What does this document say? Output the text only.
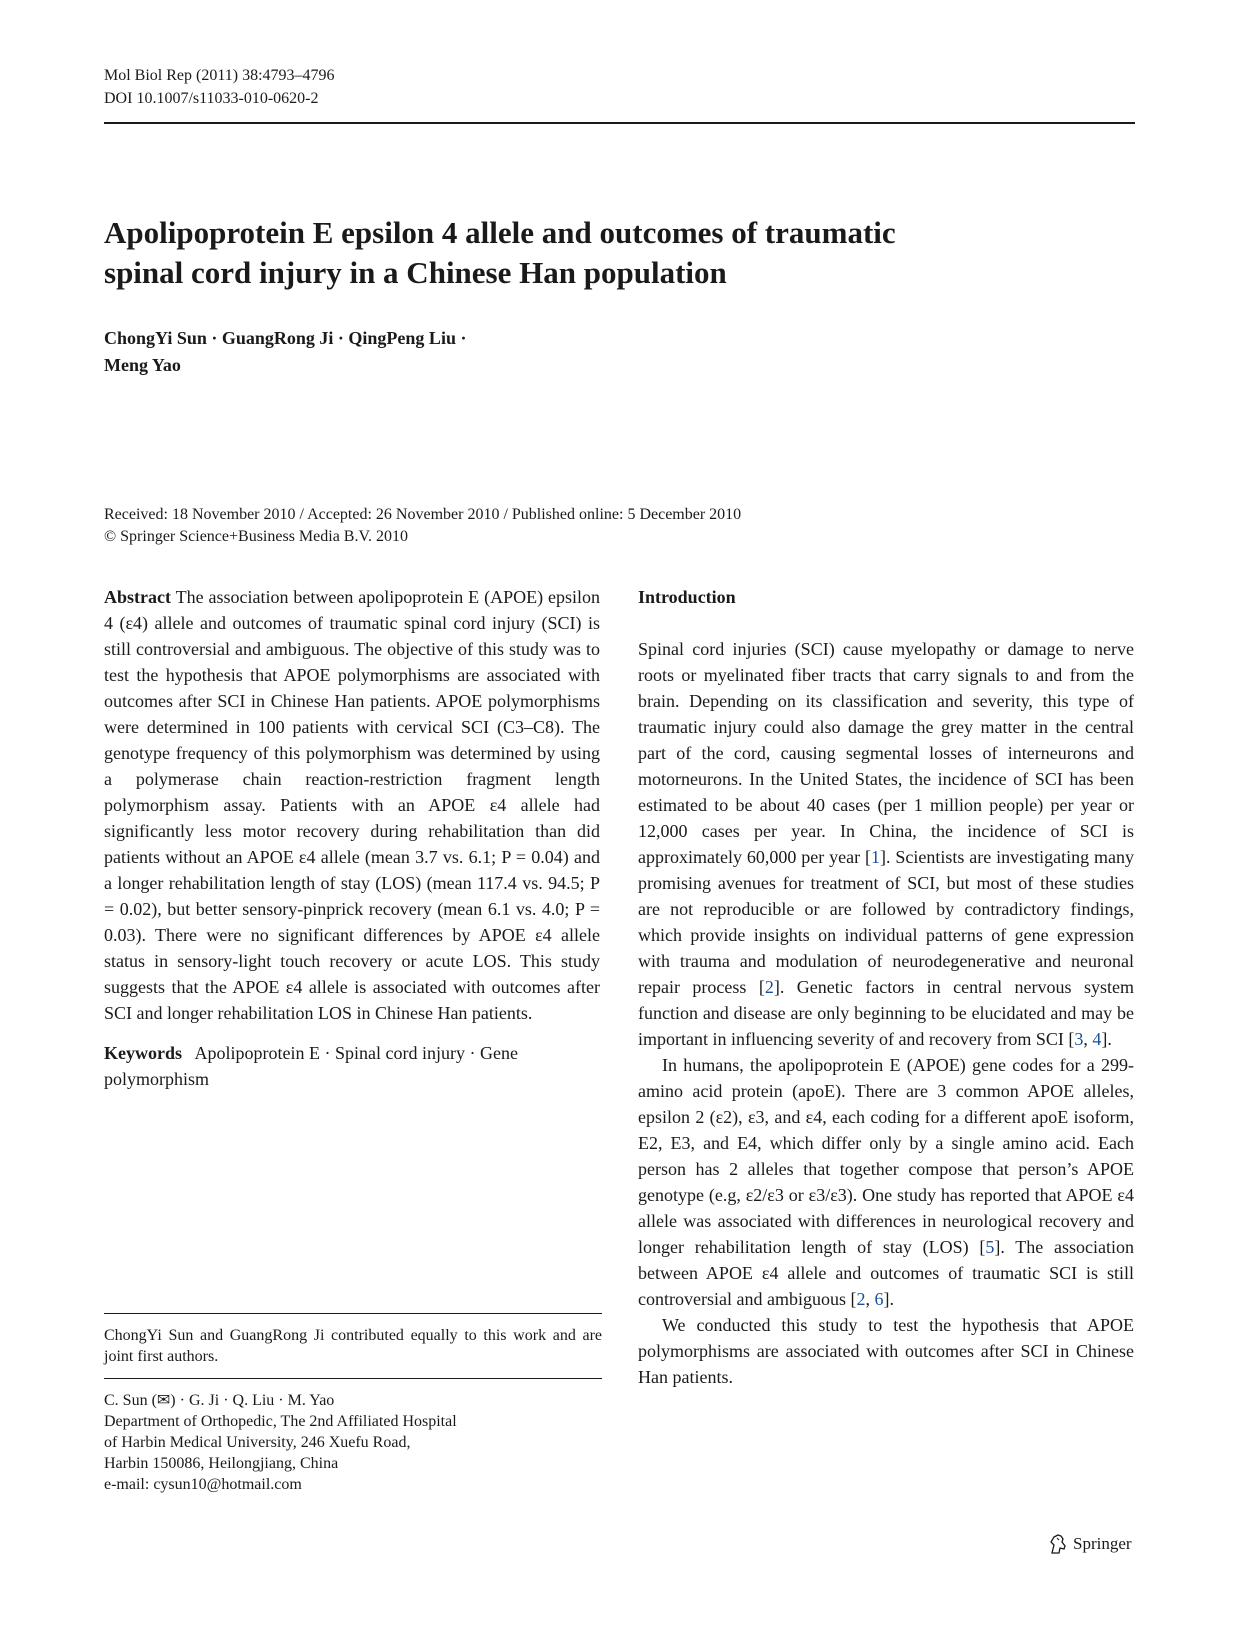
Mol Biol Rep (2011) 38:4793–4796
DOI 10.1007/s11033-010-0620-2
Apolipoprotein E epsilon 4 allele and outcomes of traumatic
spinal cord injury in a Chinese Han population
ChongYi Sun · GuangRong Ji · QingPeng Liu ·
Meng Yao
Received: 18 November 2010 / Accepted: 26 November 2010 / Published online: 5 December 2010
© Springer Science+Business Media B.V. 2010

Abstract The association between apolipoprotein E (APOE) epsilon 4 (ε4) allele and outcomes of traumatic spinal cord injury (SCI) is still controversial and ambiguous. The objective of this study was to test the hypothesis that APOE polymorphisms are associated with outcomes after SCI in Chinese Han patients. APOE polymorphisms were determined in 100 patients with cervical SCI (C3–C8). The genotype frequency of this polymorphism was determined by using a polymerase chain reaction-restriction fragment length polymorphism assay. Patients with an APOE ε4 allele had significantly less motor recovery during rehabilitation than did patients without an APOE ε4 allele (mean 3.7 vs. 6.1; P = 0.04) and a longer rehabilitation length of stay (LOS) (mean 117.4 vs. 94.5; P = 0.02), but better sensory-pinprick recovery (mean 6.1 vs. 4.0; P = 0.03). There were no significant differences by APOE ε4 allele status in sensory-light touch recovery or acute LOS. This study suggests that the APOE ε4 allele is associated with outcomes after SCI and longer rehabilitation LOS in Chinese Han patients.

Keywords Apolipoprotein E · Spinal cord injury · Gene polymorphism

ChongYi Sun and GuangRong Ji contributed equally to this work and are joint first authors.
C. Sun (✉) · G. Ji · Q. Liu · M. Yao
Department of Orthopedic, The 2nd Affiliated Hospital
of Harbin Medical University, 246 Xuefu Road,
Harbin 150086, Heilongjiang, China
e-mail: cysun10@hotmail.com

Introduction

Spinal cord injuries (SCI) cause myelopathy or damage to nerve roots or myelinated fiber tracts that carry signals to and from the brain. Depending on its classification and severity, this type of traumatic injury could also damage the grey matter in the central part of the cord, causing segmental losses of interneurons and motorneurons. In the United States, the incidence of SCI has been estimated to be about 40 cases (per 1 million people) per year or 12,000 cases per year. In China, the incidence of SCI is approximately 60,000 per year [1]. Scientists are investigating many promising avenues for treatment of SCI, but most of these studies are not reproducible or are followed by contradictory findings, which provide insights on individual patterns of gene expression with trauma and modulation of neurodegenerative and neuronal repair process [2]. Genetic factors in central nervous system function and disease are only beginning to be elucidated and may be important in influencing severity of and recovery from SCI [3, 4].

In humans, the apolipoprotein E (APOE) gene codes for a 299-amino acid protein (apoE). There are 3 common APOE alleles, epsilon 2 (ε2), ε3, and ε4, each coding for a different apoE isoform, E2, E3, and E4, which differ only by a single amino acid. Each person has 2 alleles that together compose that person’s APOE genotype (e.g, ε2/ε3 or ε3/ε3). One study has reported that APOE ε4 allele was associated with differences in neurological recovery and longer rehabilitation length of stay (LOS) [5]. The association between APOE ε4 allele and outcomes of traumatic SCI is still controversial and ambiguous [2, 6].

We conducted this study to test the hypothesis that APOE polymorphisms are associated with outcomes after SCI in Chinese Han patients.

Springer
